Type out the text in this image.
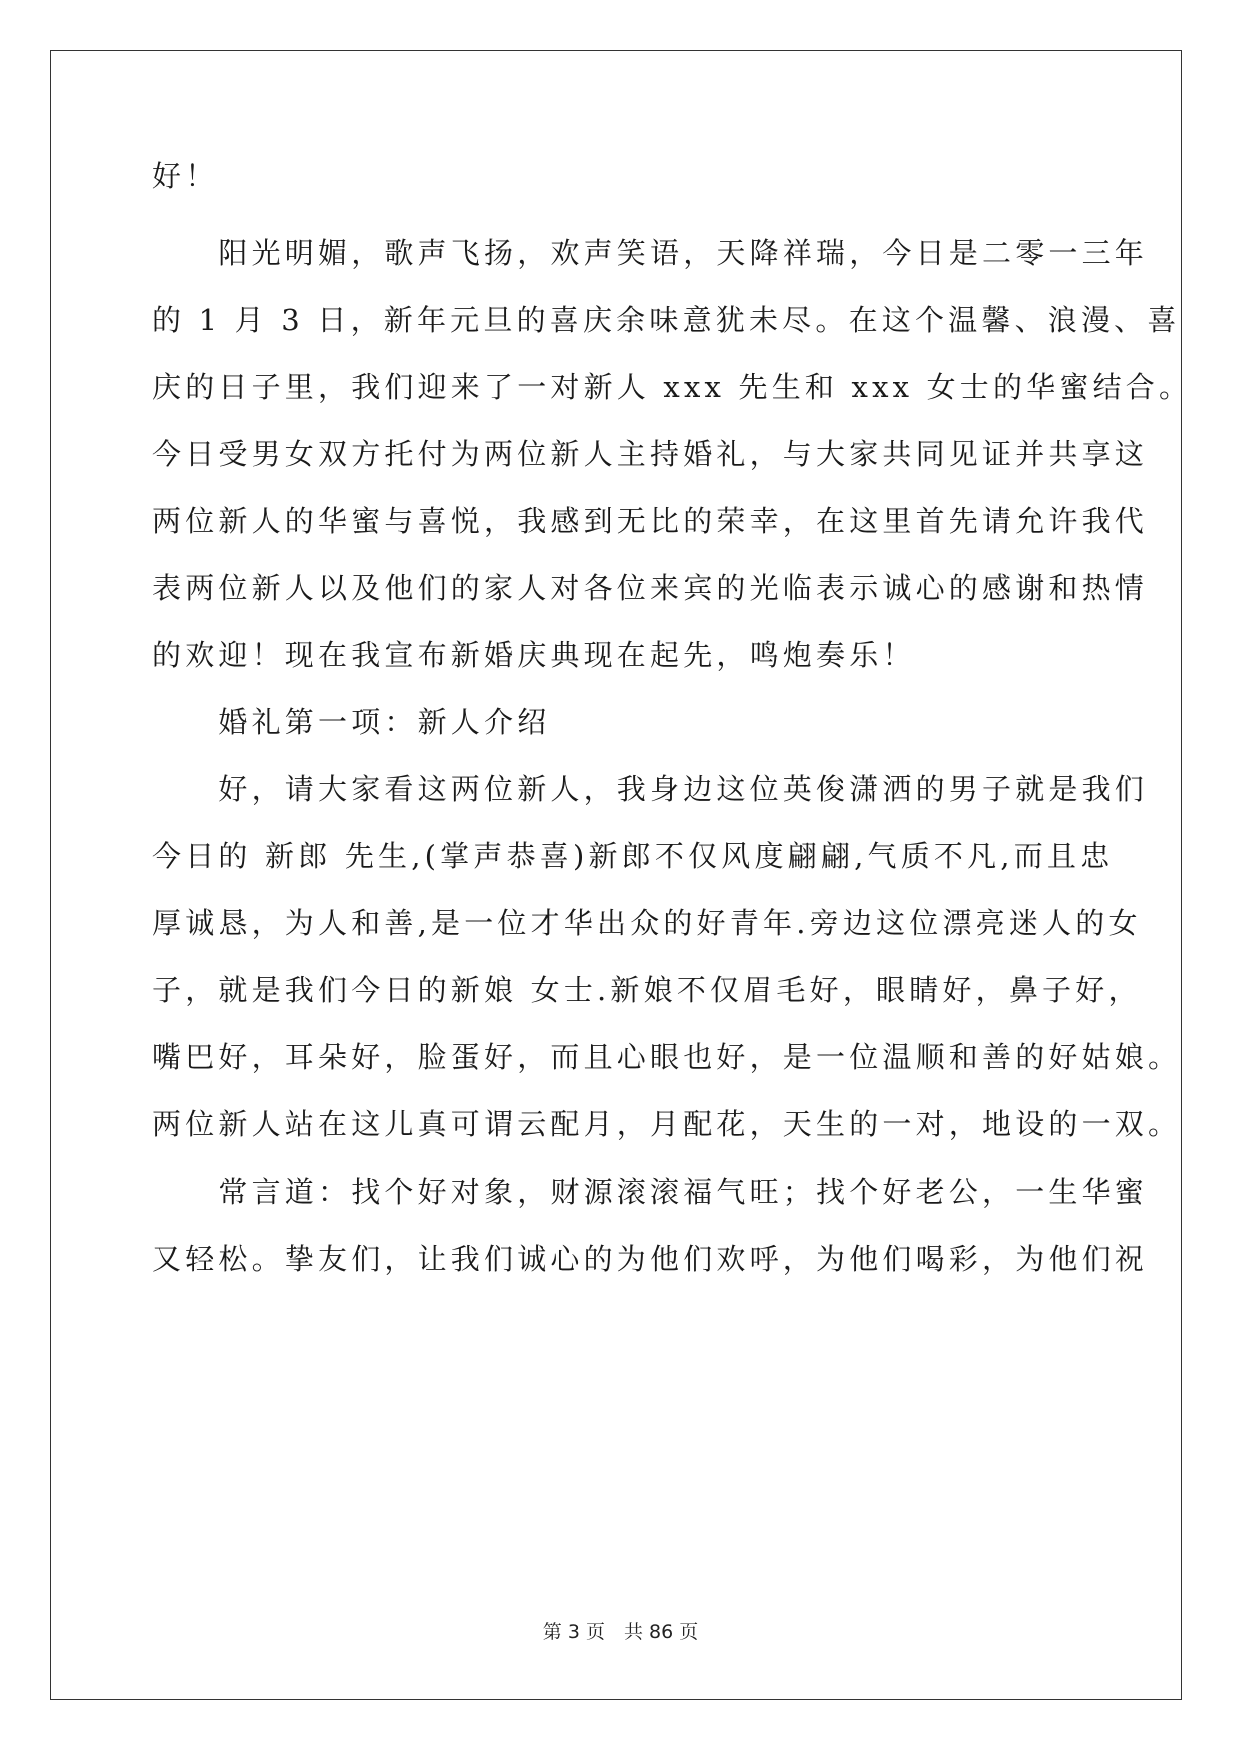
好！
　　阳光明媚，歌声飞扬，欢声笑语，天降祥瑞，今日是二零一三年
的 1 月 3 日，新年元旦的喜庆余味意犹未尽。在这个温馨、浪漫、喜
庆的日子里，我们迎来了一对新人 xxx 先生和 xxx 女士的华蜜结合。
今日受男女双方托付为两位新人主持婚礼，与大家共同见证并共享这
两位新人的华蜜与喜悦，我感到无比的荣幸，在这里首先请允许我代
表两位新人以及他们的家人对各位来宾的光临表示诚心的感谢和热情
的欢迎！现在我宣布新婚庆典现在起先，鸣炮奏乐！
　　婚礼第一项：新人介绍
　　好，请大家看这两位新人，我身边这位英俊潇洒的男子就是我们
今日的 新郎 先生,(掌声恭喜)新郎不仅风度翩翩,气质不凡,而且忠
厚诚恳，为人和善,是一位才华出众的好青年.旁边这位漂亮迷人的女
子，就是我们今日的新娘 女士.新娘不仅眉毛好，眼睛好，鼻子好，
嘴巴好，耳朵好，脸蛋好，而且心眼也好，是一位温顺和善的好姑娘。
两位新人站在这儿真可谓云配月，月配花，天生的一对，地设的一双。
　　常言道：找个好对象，财源滚滚福气旺；找个好老公，一生华蜜
又轻松。挚友们，让我们诚心的为他们欢呼，为他们喝彩，为他们祝
第 3 页　共 86 页
